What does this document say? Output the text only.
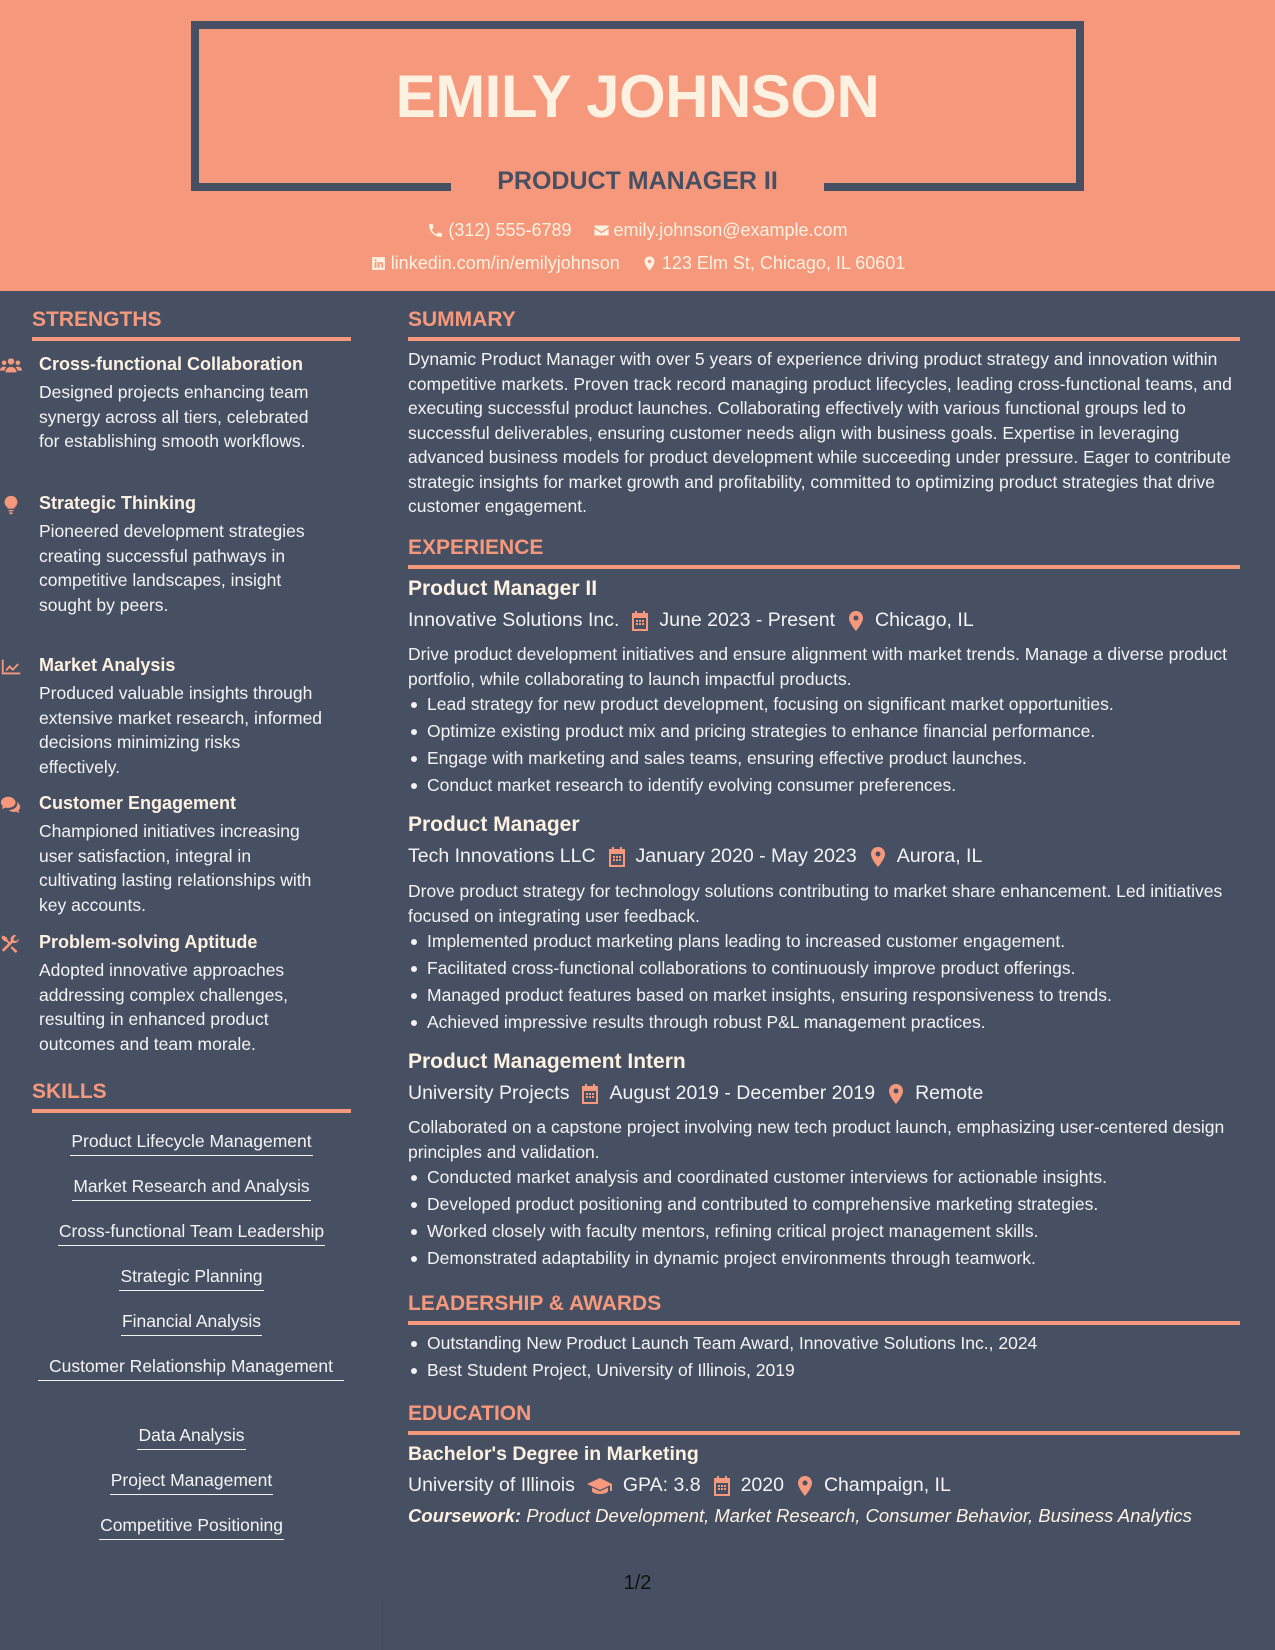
EMILY JOHNSON
PRODUCT MANAGER II
(312) 555-6789
emily.johnson@example.com
linkedin.com/in/emilyjohnson
123 Elm St, Chicago, IL 60601
STRENGTHS
Cross-functional Collaboration
Designed projects enhancing team synergy across all tiers, celebrated for establishing smooth workflows.
Strategic Thinking
Pioneered development strategies creating successful pathways in competitive landscapes, insight sought by peers.
Market Analysis
Produced valuable insights through extensive market research, informed decisions minimizing risks effectively.
Customer Engagement
Championed initiatives increasing user satisfaction, integral in cultivating lasting relationships with key accounts.
Problem-solving Aptitude
Adopted innovative approaches addressing complex challenges, resulting in enhanced product outcomes and team morale.
SKILLS
Product Lifecycle Management
Market Research and Analysis
Cross-functional Team Leadership
Strategic Planning
Financial Analysis
Customer Relationship Management
Data Analysis
Project Management
Competitive Positioning
SUMMARY
Dynamic Product Manager with over 5 years of experience driving product strategy and innovation within competitive markets. Proven track record managing product lifecycles, leading cross-functional teams, and executing successful product launches. Collaborating effectively with various functional groups led to successful deliverables, ensuring customer needs align with business goals. Expertise in leveraging advanced business models for product development while succeeding under pressure. Eager to contribute strategic insights for market growth and profitability, committed to optimizing product strategies that drive customer engagement.
EXPERIENCE
Product Manager II
Innovative Solutions Inc. June 2023 - Present Chicago, IL
Drive product development initiatives and ensure alignment with market trends. Manage a diverse product portfolio, while collaborating to launch impactful products.
Lead strategy for new product development, focusing on significant market opportunities.
Optimize existing product mix and pricing strategies to enhance financial performance.
Engage with marketing and sales teams, ensuring effective product launches.
Conduct market research to identify evolving consumer preferences.
Product Manager
Tech Innovations LLC January 2020 - May 2023 Aurora, IL
Drove product strategy for technology solutions contributing to market share enhancement. Led initiatives focused on integrating user feedback.
Implemented product marketing plans leading to increased customer engagement.
Facilitated cross-functional collaborations to continuously improve product offerings.
Managed product features based on market insights, ensuring responsiveness to trends.
Achieved impressive results through robust P&L management practices.
Product Management Intern
University Projects August 2019 - December 2019 Remote
Collaborated on a capstone project involving new tech product launch, emphasizing user-centered design principles and validation.
Conducted market analysis and coordinated customer interviews for actionable insights.
Developed product positioning and contributed to comprehensive marketing strategies.
Worked closely with faculty mentors, refining critical project management skills.
Demonstrated adaptability in dynamic project environments through teamwork.
LEADERSHIP & AWARDS
Outstanding New Product Launch Team Award, Innovative Solutions Inc., 2024
Best Student Project, University of Illinois, 2019
EDUCATION
Bachelor's Degree in Marketing
University of Illinois GPA: 3.8 2020 Champaign, IL
Coursework: Product Development, Market Research, Consumer Behavior, Business Analytics
1/2
